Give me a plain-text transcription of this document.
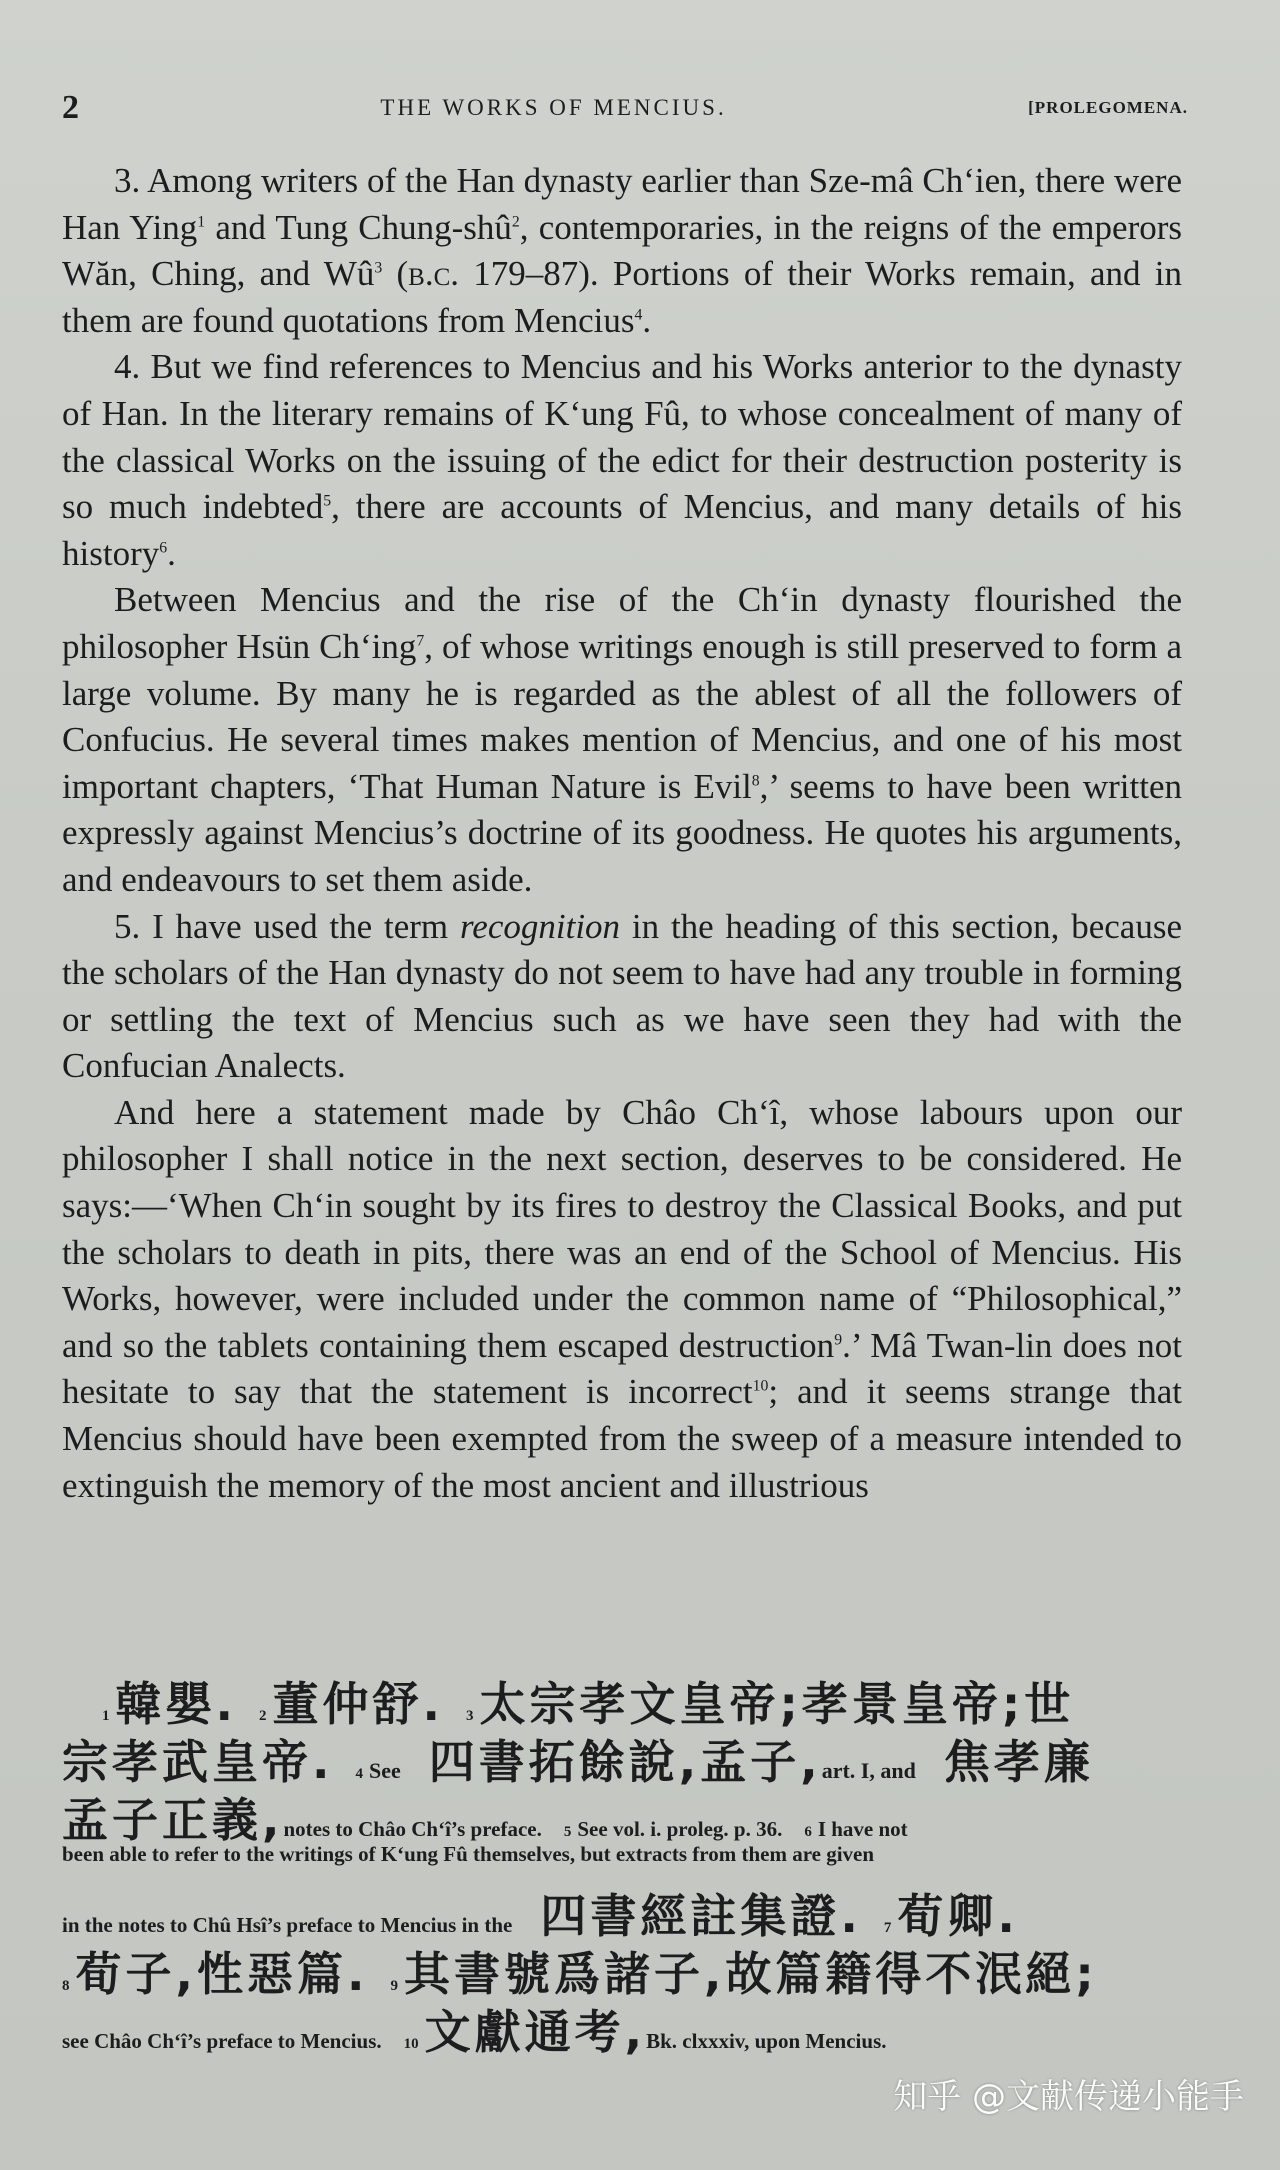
2	THE WORKS OF MENCIUS.	[PROLEGOMENA.

3. Among writers of the Han dynasty earlier than Sze-mâ Ch‘ien, there were Han Ying$^1$ and Tung Chung-shû$^2$, contemporaries, in the reigns of the emperors Wăn, Ching, and $Wû^3$ (b.c. 179–87). Portions of their Works remain, and in them are found quotations from Mencius$^4$.

4. But we find references to Mencius and his Works anterior to the dynasty of Han. In the literary remains of K‘ung Fû, to whose concealment of many of the classical Works on the issuing of the edict for their destruction posterity is so much indebted$^5$, there are accounts of Mencius, and many details of his history$^6$.

Between Mencius and the rise of the Ch‘in dynasty flourished the philosopher Hsün Ch‘ing$^7$, of whose writings enough is still preserved to form a large volume. By many he is regarded as the ablest of all the followers of Confucius. He several times makes mention of Mencius, and one of his most important chapters, ‘That Human Nature is Evil$^8$,’ seems to have been written expressly against Mencius’s doctrine of its goodness. He quotes his arguments, and endeavours to set them aside.

5. I have used the term recognition in the heading of this section, because the scholars of the Han dynasty do not seem to have had any trouble in forming or settling the text of Mencius such as we have seen they had with the Confucian Analects.

And here a statement made by Châo Ch‘î, whose labours upon our philosopher I shall notice in the next section, deserves to be considered. He says:—‘When Ch‘in sought by its fires to destroy the Classical Books, and put the scholars to death in pits, there was an end of the School of Mencius. His Works, however, were included under the common name of “Philosophical,” and so the tablets containing them escaped destruction$^9$.’ Mâ Twan-lin does not hesitate to say that the statement is incorrect$^{10}$; and it seems strange that Mencius should have been exempted from the sweep of a measure intended to extinguish the memory of the most ancient and illustrious

1 韓嬰. 2 董仲舒. 3 太宗孝文皇帝;孝景皇帝;世
宗孝武皇帝. 4 See 四書拓餘說,孟子, art. I, and 焦孝廉
孟子正義, notes to Châo Ch‘î’s preface. 5 See vol. i. proleg. p. 36. 6 I have not
been able to refer to the writings of K‘ung Fû themselves, but extracts from them are given
in the notes to Chû Hsî’s preface to Mencius in the 四書經註集證. 7 荀卿.
8 荀子,性惡篇. 9 其書號爲諸子,故篇籍得不泯絕;
see Châo Ch‘î’s preface to Mencius. 10 文獻通考, Bk. clxxxiv, upon Mencius.
知乎 @文献传递小能手
